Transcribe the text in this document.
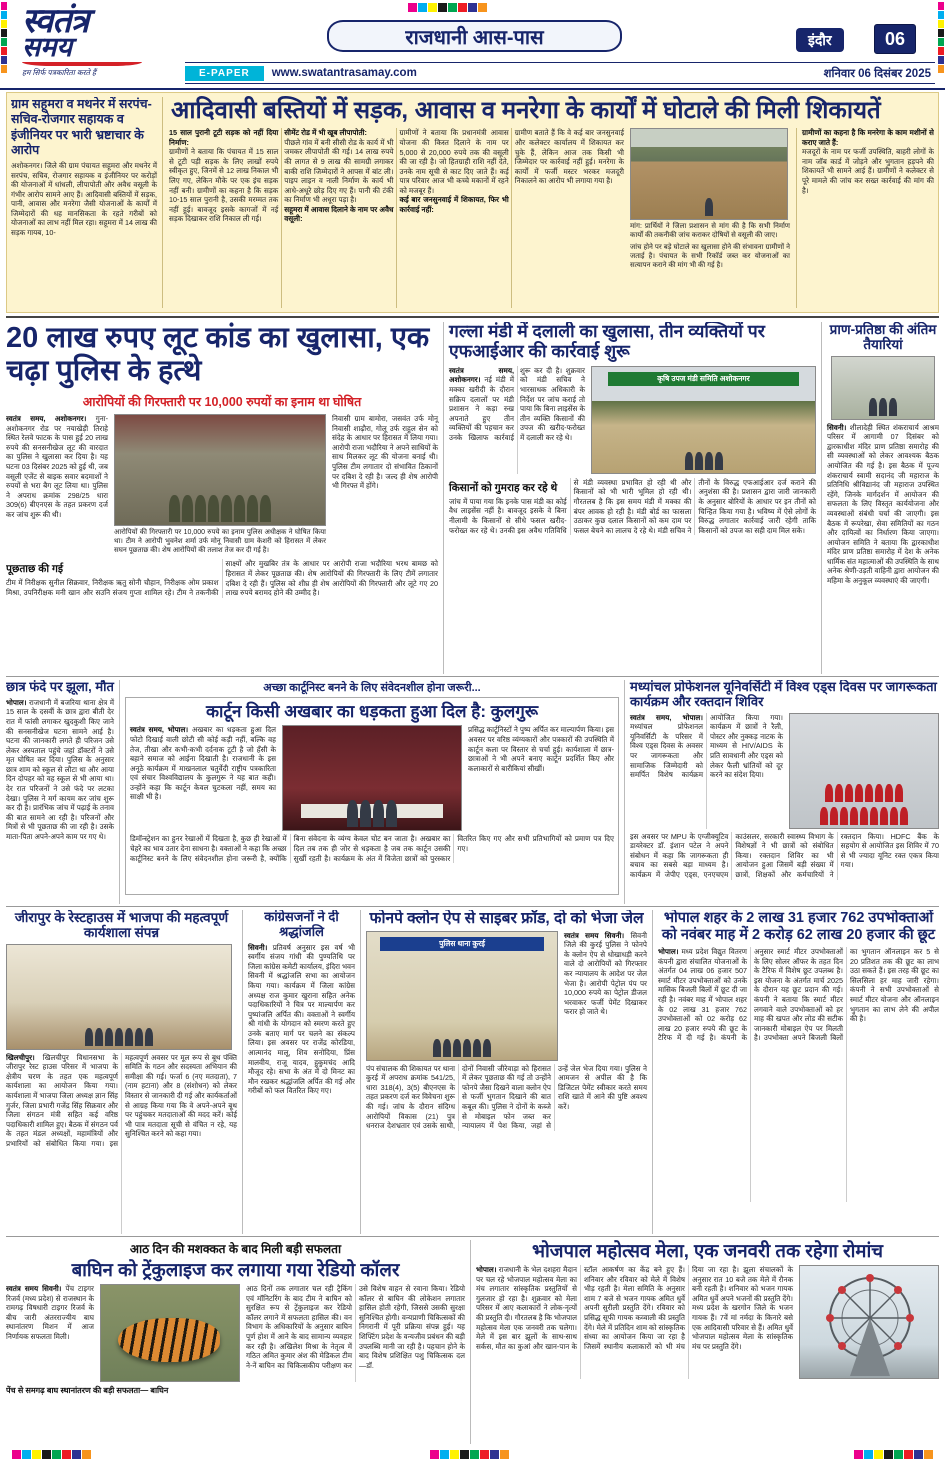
स्वतंत्र
समय
हम सिर्फ पत्रकारिता करते हैं
राजधानी आस-पास	इंदौर	06
E-PAPER	www.swatantrasamay.com	शनिवार 06 दिसंबर 2025
ग्राम सहूमरा व मथनेर में सरपंच-सचिव-रोजगार सहायक व इंजीनियर पर भारी भ्रष्टाचार के आरोप

अशोकनगर। जिले की ग्राम पंचायत सहूमरा और मथनेर में सरपंच, सचिव, रोजगार सहायक व इंजीनियर पर करोड़ों की योजनाओं में धांधली, लीपापोती और अवैध वसूली के गंभीर आरोप सामने आए हैं। आदिवासी बस्तियों में सड़क, पानी, आवास और मनरेगा जैसी योजनाओं के कार्यों में जिम्मेदारों की धह मानसिकता के रहते गरीबों को योजनाओं का लाभ नहीं मिल रहा। सहूमरा में 14 लाख की सड़क गायब, 10-

आदिवासी बस्तियों में सड़क, आवास व मनरेगा के कार्यों में घोटाले की मिली शिकायतें

15 साल पुरानी टूटी सड़क को नहीं दिया निर्माण:

ग्रामीणों ने बताया कि पंचायत में 15 साल से टूटी पड़ी सड़क के लिए लाखों रुपये स्वीकृत हुए, जिनमें से 12 लाख निकाल भी लिए गए, लेकिन मौके पर एक इंच सड़क नहीं बनी। ग्रामीणों का कहना है कि सड़क 10-15 साल पुरानी है, उसकी मरम्मत तक नहीं हुई। बावजूद इसके कागजों में नई सड़क दिखाकर राशि निकाल ली गई।

सीमेंट रोड में भी खूब लीपापोती:

पीछले गांव में बनी सीसी रोड के कार्य में भी जमकर लीपापोती की गई। 14 लाख रुपये की लागत से 9 लाख की सामग्री लगाकर बाकी राशि जिम्मेदारों ने आपस में बांट ली। पाइप लाइन व नाली निर्माण के कार्य भी आधे-अधूरे छोड़ दिए गए हैं। पानी की टंकी का निर्माण भी अधूरा पड़ा है।

सहूमरा में आवास दिलाने के नाम पर अवैध वसूली:

ग्रामीणों ने बताया कि प्रधानमंत्री आवास योजना की किस्त दिलाने के नाम पर 5,000 से 20,000 रुपये तक की वसूली की जा रही है। जो हितग्राही राशि नहीं देते, उनके नाम सूची से काट दिए जाते हैं। कई पात्र परिवार आज भी कच्चे मकानों में रहने को मजबूर हैं।

कई बार जनसुनवाई में शिकायत, फिर भी कार्रवाई नहीं:

ग्रामीण बताते हैं कि वे कई बार जनसुनवाई और कलेक्टर कार्यालय में शिकायत कर चुके हैं, लेकिन आज तक किसी भी जिम्मेदार पर कार्रवाई नहीं हुई। मनरेगा के कार्यों में फर्जी मस्टर भरकर मजदूरी निकालने का आरोप भी लगाया गया है।

मांग: प्रार्थियों ने जिला प्रशासन से मांग की है कि सभी निर्माण कार्यों की तकनीकी जांच कराकर दोषियों से वसूली की जाए।

जांच होने पर बड़े घोटाले का खुलासा होने की संभावना ग्रामीणों ने जताई है। पंचायत के सभी रिकॉर्ड जब्त कर योजनाओं का सत्यापन कराने की मांग भी की गई है।

ग्रामीणों का कहना है कि मनरेगा के काम मशीनों से कराए जाते हैं:

मजदूरों के नाम पर फर्जी उपस्थिति, बाहरी लोगों के नाम जॉब कार्ड में जोड़ने और भुगतान हड़पने की शिकायतें भी सामने आई हैं। ग्रामीणों ने कलेक्टर से पूरे मामले की जांच कर सख्त कार्रवाई की मांग की है।

20 लाख रुपए लूट कांड का खुलासा, एक चढ़ा पुलिस के हत्थे
आरोपियों की गिरफ्तारी पर 10,000 रुपयों का इनाम था घोषित

स्वतंत्र समय, अशोकनगर। गुना-अशोकनगर रोड पर नयाखेड़ी तिराहे स्थित रेलवे फाटक के पास हुई 20 लाख रुपये की सनसनीखेज लूट की वारदात का पुलिस ने खुलासा कर दिया है। यह घटना 03 दिसंबर 2025 को हुई थी, जब वसूली एजेंट से बाइक सवार बदमाशों ने रुपयों से भरा बैग लूट लिया था। पुलिस ने अपराध क्रमांक 298/25 धारा 309(6) बीएनएस के तहत प्रकरण दर्ज कर जांच शुरू की थी।

आरोपियों की गिरफ्तारी पर 10,000 रुपये का इनाम पुलिस अधीक्षक ने घोषित किया था। टीम ने आरोपी भुवनेश शर्मा उर्फ मोनू निवासी ग्राम केशरी को हिरासत में लेकर सघन पूछताछ की। शेष आरोपियों की तलाश तेज कर दी गई है।

निवासी ग्राम बामोरा, जसवंत उर्फ मोनू निवासी शाढ़ौरा, गोलू उर्फ राहुल सेन को संदेह के आधार पर हिरासत में लिया गया। आरोपी राजा भदौरिया ने अपने साथियों के साथ मिलकर लूट की योजना बनाई थी। पुलिस टीम लगातार दो संभावित ठिकानों पर दबिश दे रही है। जल्द ही शेष आरोपी भी गिरफ्त में होंगे।

पूछताछ की गई

टीम में निरीक्षक सुनील सिक्रवार, निरीक्षक ऋतु सोनी चौहान, निरीक्षक ओम प्रकाश मिश्रा, उपनिरीक्षक मनी खान और सउनि संजय गुप्ता शामिल रहे। टीम ने तकनीकी साक्ष्यों और मुखबिर तंत्र के आधार पर आरोपी राजा भदौरिया भरथ बामछ को हिरासत में लेकर पूछताछ की। शेष आरोपियों की गिरफ्तारी के लिए टीमें लगातार दबिश दे रही हैं। पुलिस को शीघ्र ही शेष आरोपियों की गिरफ्तारी और लूटे गए 20 लाख रुपये बरामद होने की उम्मीद है।

गल्ला मंडी में दलाली का खुलासा, तीन व्यक्तियों पर एफआईआर की कार्रवाई शुरू

स्वतंत्र समय, अशोकनगर। नई मंडी में मक्का खरीदी के दौरान सक्रिय दलालों पर मंडी प्रशासन ने कड़ा रुख अपनाते हुए तीन व्यक्तियों की पहचान कर उनके खिलाफ कार्रवाई शुरू कर दी है। शुक्रवार को मंडी सचिव ने भारसाधक अधिकारी के निर्देश पर जांच कराई तो पाया कि बिना लाइसेंस के तीन व्यक्ति किसानों की उपज की खरीद-फरोख्त में दलाली कर रहे थे।

कृषि उपज मंडी समिति अशोकनगर

किसानों को गुमराह कर रहे थे

जांच में पाया गया कि इनके पास मंडी का कोई वैध लाइसेंस नहीं है। बावजूद इसके वे बिना नीलामी के किसानों से सीधे फसल खरीद-फरोख्त कर रहे थे। उनकी इस अवैध गतिविधि से मंडी व्यवस्था प्रभावित हो रही थी और किसानों को भी भारी भूमिल हो रही थी। गौरतलब है कि इस समय मंडी में मक्का की बंपर आवक हो रही है। मंडी बोर्ड का फासला उठाकर कुछ दलाल किसानों को कम दाम पर फसल बेचने का लालच दे रहे थे। मंडी सचिव ने तीनों के विरुद्ध एफआईआर दर्ज कराने की अनुशंसा की है। प्रशासन द्वारा जारी जानकारी के अनुसार बोरियों के आधार पर इन तीनों को चिन्हित किया गया है। भविष्य में ऐसे लोगों के विरुद्ध लगातार कार्रवाई जारी रहेगी ताकि किसानों को उपज का सही दाम मिल सके।

प्राण-प्रतिष्ठा की अंतिम तैयारियां

सिवनी। शीलादेही स्थित शंकराचार्य आश्रम परिसर में आगामी 07 दिसंबर को द्वारकाधीश मंदिर प्राण प्रतिष्ठा समारोह की सी व्यवस्थाओं को लेकर आवश्यक बैठक आयोजित की गई है। इस बैठक में पूज्य शंकराचार्य स्वामी सदानंद जी महाराज के प्रतिनिधि श्रीविद्यानंद जी महाराज उपस्थित रहेंगे, जिनके मार्गदर्शन में आयोजन की सफलता के लिए विस्तृत कार्ययोजना और व्यवस्थाओं संबंधी चर्चा की जाएगी। इस बैठक में रूपरेखा, सेवा समितियों का गठन और दायित्वों का निर्धारण किया जाएगा। आयोजन समिति ने बताया कि द्वारकाधीश मंदिर प्राण प्रतिष्ठा समारोह में देश के अनेक धार्मिक संत महात्माओं की उपस्थिति के साथ अनेक श्रेणी-उड़ती वाहिनी द्वारा आयोजन की महिमा के अनुकूल व्यवस्थाएं की जाएगी।

छात्र फंदे पर झूला, मौत

भोपाल। राजधानी में बजरिया थाना क्षेत्र में 15 साल के दसवीं के छात्र द्वारा बीती देर रात में फांसी लगाकर खुदकुशी किए जाने की सनसनीखेज घटना सामने आई है। घटना की जानकारी लगते ही परिजन उसे लेकर अस्पताल पहुंचे जहां डॉक्टरों ने उसे मृत घोषित कर दिया। पुलिस के अनुसार छात्र शाम को स्कूल से लौटा था और आया दिन दोपहर को वह स्कूल से भी आया था। देर रात परिजनों ने उसे फंदे पर लटका देखा। पुलिस ने मर्ग कायम कर जांच शुरू कर दी है। प्रारंभिक जांच में पढ़ाई के तनाव की बात सामने आ रही है। परिजनों और मित्रों से भी पूछताछ की जा रही है। उसके माता-पिता अपने-अपने काम पर गए थे।

अच्छा कार्टूनिस्ट बनने के लिए संवेदनशील होना जरूरी...
कार्टून किसी अखबार का धड़कता हुआ दिल है: कुलगुरू

स्वतंत्र समय, भोपाल। अखबार का धड़कता हुआ दिल फोटो दिखाई वाली छोटी सी कोई कड़ी नहीं, बल्कि वह तेज, तीखा और कभी-कभी दर्दनाक टूटी है जो हँसी के बहाने समाज को आईना दिखाती है। राजधानी के इस अनूठे कार्यक्रम में माखनलाल चतुर्वेदी राष्ट्रीय पत्रकारिता एवं संचार विश्वविद्यालय के कुलगुरू ने यह बात कही। उन्होंने कहा कि कार्टून केवल चुटकला नहीं, समय का साक्षी भी है।

प्रसिद्ध कार्टूनिस्टों ने पुष्प अर्पित कर माल्यार्पण किया। इस अवसर पर वरिष्ठ व्यंग्यकारों और पत्रकारों की उपस्थिति में कार्टून कला पर विस्तार से चर्चा हुई। कार्यशाला में छात्र-छात्राओं ने भी अपने बनाए कार्टून प्रदर्शित किए और कलाकारों से बारीकियां सीखीं।

डिमॉन्स्ट्रेशन का हुनर रेखाओं में दिखता है, कुछ ही रेखाओं में चेहरे का भाव उतार देना साधना है। वक्ताओं ने कहा कि अच्छा कार्टूनिस्ट बनने के लिए संवेदनशील होना जरूरी है, क्योंकि बिना संवेदना के व्यंग्य केवल चोट बन जाता है। अखबार का दिल तब तक ही जोर से धड़कता है जब तक कार्टून उसकी सुर्खी रहती है। कार्यक्रम के अंत में विजेता छात्रों को पुरस्कार वितरित किए गए और सभी प्रतिभागियों को प्रमाण पत्र दिए गए।

मध्यांचल प्रोफेशनल यूनिवर्सिटी में विश्व एड्स दिवस पर जागरूकता कार्यक्रम और रक्तदान शिविर

स्वतंत्र समय, भोपाल। मध्यांचल प्रोफेशनल यूनिवर्सिटी के परिसर में विश्व एड्स दिवस के अवसर पर जागरूकता और सामाजिक जिम्मेदारी को समर्पित विशेष कार्यक्रम आयोजित किया गया। कार्यक्रम में छात्रों ने रैली, पोस्टर और नुक्कड़ नाटक के माध्यम से HIV/AIDS के प्रति सावधानी और एड्स को लेकर फैली भ्रांतियों को दूर करने का संदेश दिया।

इस अवसर पर MPU के एग्जीक्यूटिव डायरेक्टर डॉ. इंशान पटेल ने अपने संबोधन में कहा कि जागरूकता ही बचाव का सबसे बड़ा माध्यम है। कार्यक्रम में जेपीए एड्स, एनएचएम काउंसलर, सरकारी स्वास्थ्य विभाग के विशेषज्ञों ने भी छात्रों को संबोधित किया। रक्तदान शिविर का भी आयोजन हुआ जिसमें बड़ी संख्या में छात्रों, शिक्षकों और कर्मचारियों ने रक्तदान किया। HDFC बैंक के सहयोग से आयोजित इस शिविर में 70 से भी ज्यादा यूनिट रक्त एकत्र किया गया।

जीरापुर के रेस्टहाउस में भाजपा की महत्वपूर्ण कार्यशाला संपन्न

खिलचीपुर। खिलचीपुर विधानसभा के जीरापुर रेस्ट हाउस परिसर में भाजपा के क्षेत्रीय चरण के तहत एक महत्वपूर्ण कार्यशाला का आयोजन किया गया। कार्यशाला में भाजपा जिला अध्यक्ष ज्ञान सिंह गुर्जर, जिला प्रभारी गजेंद्र सिंह सिक्रवार और जिला संगठन मंत्री सहित कई वरिष्ठ पदाधिकारी शामिल हुए। बैठक में संगठन पर्व के तहत मंडल अध्यक्षों, महामंत्रियों और प्रभारियों को संबोधित किया गया। इस महत्वपूर्ण अवसर पर मूल रूप से बूथ पंक्ति समिति के गठन और सदस्यता अभियान की समीक्षा की गई। फर्जा 6 (नए मतदाता), 7 (नाम हटाना) और 8 (संशोधन) को लेकर विस्तार से जानकारी दी गई और कार्यकर्ताओं से आग्रह किया गया कि वे अपने-अपने बूथ पर पहुंचकर मतदाताओं की मदद करें। कोई भी पात्र मतदाता सूची से वंचित न रहे, यह सुनिश्चित करने को कहा गया।

कांग्रेसजनों ने दी श्रद्धांजलि

सिवनी। प्रतिवर्ष अनुसार इस वर्ष भी स्वर्गीय संजय गांधी की पुण्यतिथि पर जिला कांग्रेस कमेटी कार्यालय, इंदिरा भवन सिवनी में श्रद्धांजलि सभा का आयोजन किया गया। कार्यक्रम में जिला कांग्रेस अध्यक्ष राज कुमार खुराना सहित अनेक पदाधिकारियों ने चित्र पर माल्यार्पण कर पुष्पांजलि अर्पित की। वक्ताओं ने स्वर्गीय श्री गांधी के योगदान को स्मरण करते हुए उनके बताए मार्ग पर चलने का संकल्प लिया। इस अवसर पर राजेंद्र कोरडिया, आत्मानंद मालू, शिव सनोदिया, प्रिंस मालवीय, राजू यादव, हुकुमचंद आदि मौजूद रहे। सभा के अंत में दो मिनट का मौन रखकर श्रद्धांजलि अर्पित की गई और गरीबों को फल वितरित किए गए।

फोनपे क्लोन ऐप से साइबर फ्रॉड, दो को भेजा जेल
पुलिस थाना कुरई

स्वतंत्र समय सिवनी। सिवनी जिले की कुरई पुलिस ने फोनपे के क्लोन ऐप से धोखाधड़ी करने वाले दो आरोपियों को गिरफ्तार कर न्यायालय के आदेश पर जेल भेजा है। आरोपी पेट्रोल पंप पर 10,000 रुपये का पेट्रोल डीजल भरवाकर फर्जी पेमेंट दिखाकर फरार हो जाते थे।

पंप संचालक की शिकायत पर थाना कुरई में अपराध क्रमांक 541/25, धारा 318(4), 3(5) बीएनएस के तहत प्रकरण दर्ज कर विवेचना शुरू की गई। जांच के दौरान संदिग्ध आरोपियों विकास (21) पुत्र धनराज देशभ्रतार एवं उसके साथी, दोनों निवासी जीरेवाड़ा को हिरासत में लेकर पूछताछ की गई तो उन्होंने फोनपे जैसा दिखने वाला क्लोन ऐप से फर्जी भुगतान दिखाने की बात कबूल की। पुलिस ने दोनों के कब्जे से मोबाइल फोन जब्त कर न्यायालय में पेश किया, जहां से उन्हें जेल भेज दिया गया। पुलिस ने आमजन से अपील की है कि डिजिटल पेमेंट स्वीकार करते समय राशि खाते में आने की पुष्टि अवश्य करें।

भोपाल शहर के 2 लाख 31 हजार 762 उपभोक्ताओं को नवंबर माह में 2 करोड़ 62 लाख 20 हजार की छूट

भोपाल। मध्य प्रदेश विद्युत वितरण कंपनी द्वारा संचालित योजनाओं के अंतर्गत 04 लाख 06 हजार 507 स्मार्ट मीटर उपभोक्ताओं को उनके मासिक बिजली बिलों में छूट दी जा रही है। नवंबर माह में भोपाल शहर के 02 लाख 31 हजार 762 उपभोक्ताओं को 02 करोड़ 62 लाख 20 हजार रुपये की छूट के टैरिफ में दी गई है। कंपनी के अनुसार स्मार्ट मीटर उपभोक्ताओं के लिए सोलर ऑफर के तहत दिन के टैरिफ में विशेष छूट उपलब्ध है। इस योजना के अंतर्गत मार्च 2025 के दौरान यह छूट प्रदान की गई। कंपनी ने बताया कि स्मार्ट मीटर लगवाने वाले उपभोक्ताओं को हर माह की खपत और लोड की सटीक जानकारी मोबाइल ऐप पर मिलती है। उपभोक्ता अपने बिजली बिलों का भुगतान ऑनलाइन कर 5 से 20 प्रतिशत तक की छूट का लाभ उठा सकते हैं। इस तरह की छूट का सिलसिला हर माह जारी रहेगा। कंपनी ने सभी उपभोक्ताओं से स्मार्ट मीटर योजना और ऑनलाइन भुगतान का लाभ लेने की अपील की है।

आठ दिन की मशक्कत के बाद मिली बड़ी सफलता
बाघिन को ट्रेंकुलाइज कर लगाया गया रेडियो कॉलर

स्वतंत्र समय सिवनी। पेंच टाइगर रिजर्व (मध्य प्रदेश) से राजस्थान के रामगढ़ विषधारी टाइगर रिजर्व के बीच जारी अंतरराज्यीय बाघ स्थानांतरण मिशन में आज निर्णायक सफलता मिली।

आठ दिनों तक लगातार चल रही ट्रैकिंग एवं मॉनिटरिंग के बाद टीम ने बाघिन को सुरक्षित रूप से ट्रेंकुलाइज कर रेडियो कॉलर लगाने में सफलता हासिल की। वन विभाग के अधिकारियों के अनुसार बाघिन पूर्ण होश में आने के बाद सामान्य व्यवहार कर रही है। अखिलेश मिश्रा के नेतृत्व में गठित अमित कुमार अंश की मेडिकल टीम ने-नें बाघिन का चिकित्सकीय परीक्षण कर उसे विशेष वाहन से रवाना किया। रेडियो कॉलर से बाघिन की लोकेशन लगातार हासिल होती रहेगी, जिससे उसकी सुरक्षा सुनिश्चित होगी। वन्यप्राणी चिकित्सकों की निगरानी में पूरी प्रक्रिया संपन्न हुई। यह शिफ्टिंग प्रदेश के वन्यजीव प्रबंधन की बड़ी उपलब्धि मानी जा रही है। पहचान होने के बाद विशेष प्रशिक्षित पशु चिकित्सक दल—डॉ.

पेंच से समगढ़ बाघ स्थानांतरण की बड़ी सफलता— बाघिन
भोजपाल महोत्सव मेला, एक जनवरी तक रहेगा रोमांच

भोपाल। राजधानी के भेल दशहरा मैदान पर चल रहे भोजपाल महोत्सव मेला का मंच लगातार सांस्कृतिक प्रस्तुतियों से गुलजार हो रहा है। शुक्रवार को मेला परिसर में आए कलाकारों ने लोक-नृत्यों की प्रस्तुति दी। गौरतलब है कि भोजपाल महोत्सव मेला एक जनवरी तक चलेगा। मेले में इस बार झूलों के साथ-साथ सर्कस, मौत का कुआं और खान-पान के स्टॉल आकर्षण का केंद्र बने हुए हैं। शनिवार और रविवार को मेले में विशेष भीड़ रहती है। मेला समिति के अनुसार शाम 7 बजे से भजन गायक अमित धुर्वे अपनी सुरीली प्रस्तुति देंगे। रविवार को प्रसिद्ध सूफी गायक कव्वाली की प्रस्तुति देंगे। मेले में प्रतिदिन शाम को सांस्कृतिक संध्या का आयोजन किया जा रहा है जिसमें स्थानीय कलाकारों को भी मंच दिया जा रहा है। झूला संचालकों के अनुसार रात 10 बजे तक मेले में रौनक बनी रहती है। शनिवार को भजन गायक अमित धुर्वे अपने भजनों की प्रस्तुति देंगे। मध्य प्रदेश के खरगोन जिले के भजन गायक हैं। 7वें मां नर्मदा के किनारे बसे एक आदिवासी परिवार से हैं। अमित धुर्वे भोजपाल महोत्सव मेला के सांस्कृतिक मंच पर प्रस्तुति देंगे।
